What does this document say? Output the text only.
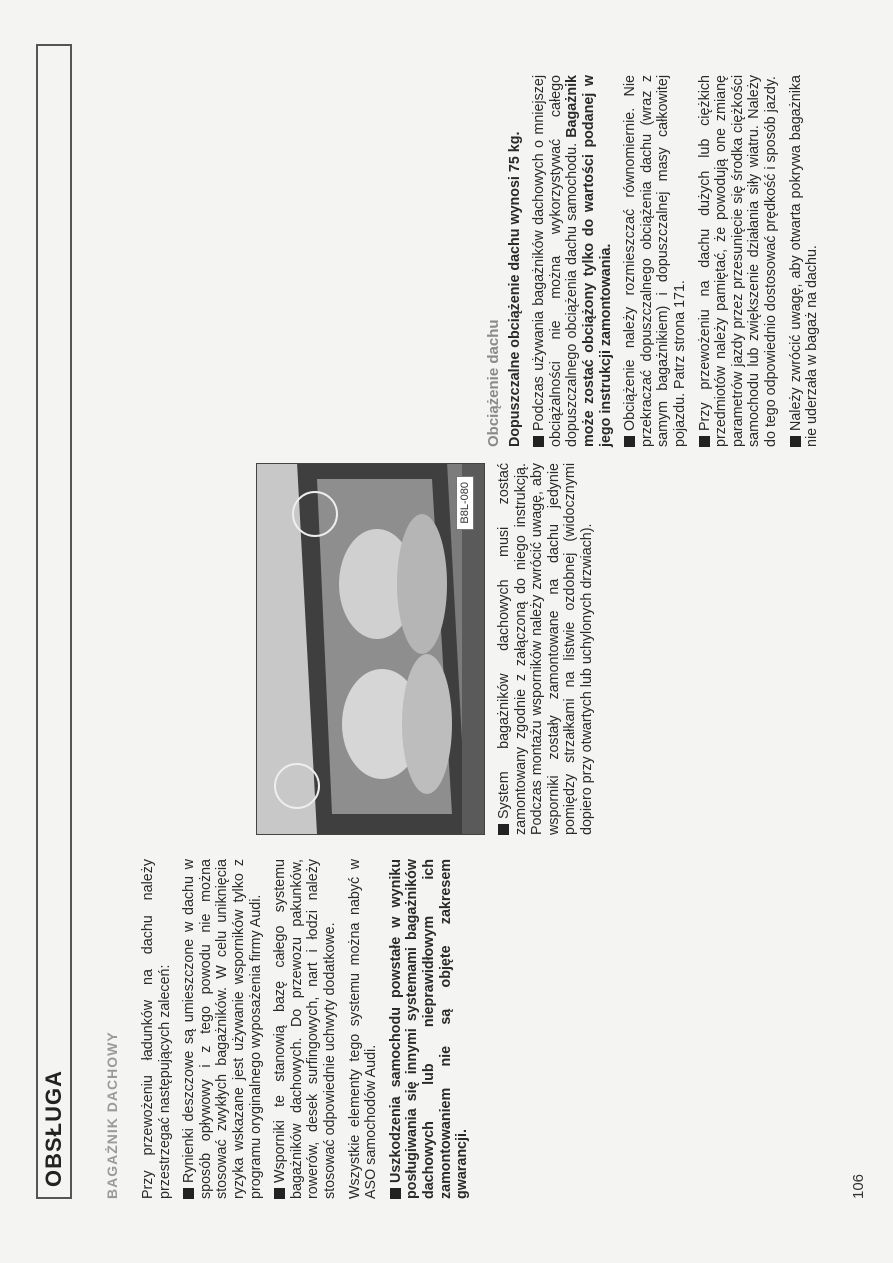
OBSŁUGA	BAGAŻNIK DACHOWY Przy przewożeniu ładunków na dachu należy przestrzegać następujących zaleceń: Rynienki deszczowe są umieszczone w dachu w sposób opływowy i z tego powodu nie można stosować zwykłych bagażników. W celu uniknięcia ryzyka wskazane jest używanie wsporników tylko z programu oryginalnego wyposażenia firmy Audi. Wsporniki te stanowią bazę całego systemu bagażników dachowych. Do przewozu pakunków, rowerów, desek surfingowych, nart i łodzi należy stosować odpowiednie uchwyty dodatkowe. Wszystkie elementy tego systemu można nabyć w ASO samochodów Audi. Uszkodzenia samochodu powstałe w wyniku posługiwania się innymi systemami bagażników dachowych lub nieprawidłowym ich zamontowaniem nie są objęte zakresem gwarancji.

B8L-080 System bagażników dachowych musi zostać zamontowany zgodnie z załączoną do niego instrukcją. Podczas montażu wsporników należy zwrócić uwagę, aby wsporniki zostały zamontowane na dachu jedynie pomiędzy strzałkami na listwie ozdobnej (widocznymi dopiero przy otwartych lub uchylonych drzwiach).

Obciążenie dachu Dopuszczalne obciążenie dachu wynosi 75 kg. Podczas używania bagażników dachowych o mniejszej obciążalności nie można wykorzystywać całego dopuszczalnego obciążenia dachu samochodu. Bagażnik może zostać obciążony tylko do wartości podanej w jego instrukcji zamontowania. Obciążenie należy rozmieszczać równomiernie. Nie przekraczać dopuszczalnego obciążenia dachu (wraz z samym bagażnikiem) i dopuszczalnej masy całkowitej pojazdu. Patrz strona 171. Przy przewożeniu na dachu dużych lub ciężkich przedmiotów należy pamiętać, że powodują one zmianę parametrów jazdy przez przesunięcie się środka ciężkości samochodu lub zwiększenie działania siły wiatru. Należy do tego odpowiednio dostosować prędkość i sposób jazdy. Należy zwrócić uwagę, aby otwarta pokrywa bagażnika nie uderzała w bagaż na dachu.

106
